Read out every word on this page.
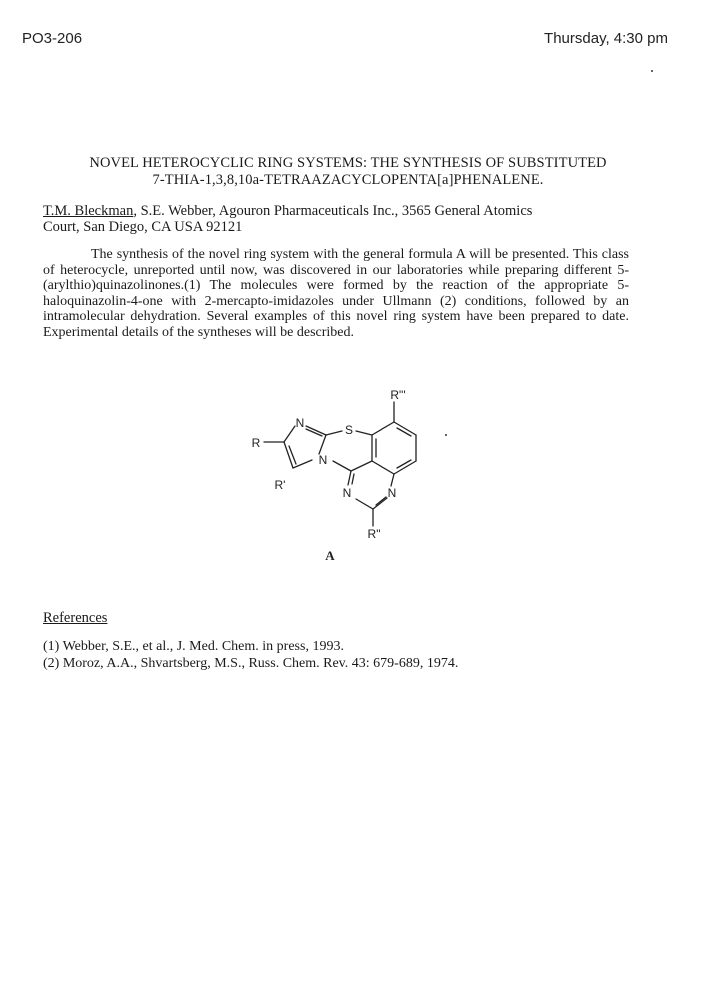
PO3-206	Thursday, 4:30 pm
NOVEL HETEROCYCLIC RING SYSTEMS: THE SYNTHESIS OF SUBSTITUTED
7-THIA-1,3,8,10a-TETRAAZACYCLOPENTA[a]PHENALENE.
T.M. Bleckman, S.E. Webber, Agouron Pharmaceuticals Inc., 3565 General Atomics
Court, San Diego, CA USA 92121
The synthesis of the novel ring system with the general formula A will be presented. This class of heterocycle, unreported until now, was discovered in our laboratories while preparing different 5-(arylthio)quinazolinones.(1) The molecules were formed by the reaction of the appropriate 5-haloquinazolin-4-one with 2-mercapto-imidazoles under Ullmann (2) conditions, followed by an intramolecular dehydration. Several examples of this novel ring system have been prepared to date. Experimental details of the syntheses will be described.
S
N
N
N	N
R"'
R
R'
R"
A
References
(1) Webber, S.E., et al., J. Med. Chem. in press, 1993.
(2) Moroz, A.A., Shvartsberg, M.S., Russ. Chem. Rev. 43: 679-689, 1974.
